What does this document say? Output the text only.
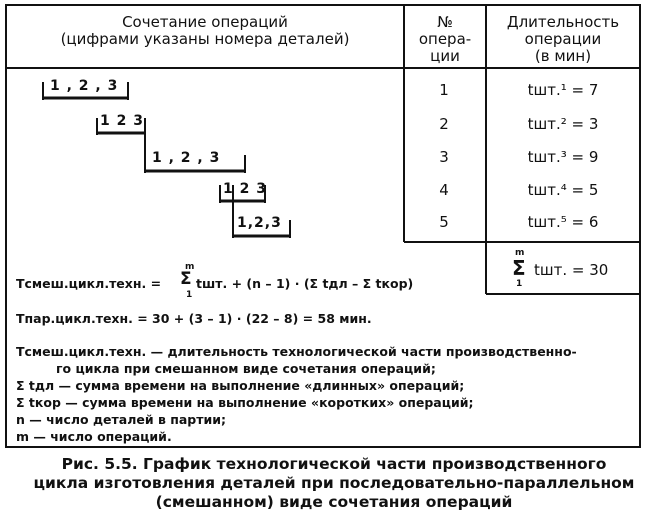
Сочетание операций
(цифрами указаны номера деталей)
№
опера-
ции
Длительность
операции
(в мин)
1 , 2 , 3
1 2 3
1 , 2 , 3
1 2 3
1,2,3
1
2
3
4
5
tшт.¹ = 7
tшт.² = 3
tшт.³ = 9
tшт.⁴ = 5
tшт.⁵ = 6
m
Σ
1
tшт. = 30
Tсмеш.цикл.техн. =
m
Σ
1
tшт. + (n – 1) · (Σ tдл – Σ tкор)
Tпар.цикл.техн. = 30 + (3 – 1) · (22 – 8) = 58 мин.
Tсмеш.цикл.техн. — длительность технологической части производственно-
го цикла при смешанном виде сочетания операций;
Σ tдл — сумма времени на выполнение «длинных» операций;
Σ tкор — сумма времени на выполнение «коротких» операций;
n — число деталей в партии;
m — число операций.
Рис. 5.5. График технологической части производственного
цикла изготовления деталей при последовательно-параллельном
(смешанном) виде сочетания операций
